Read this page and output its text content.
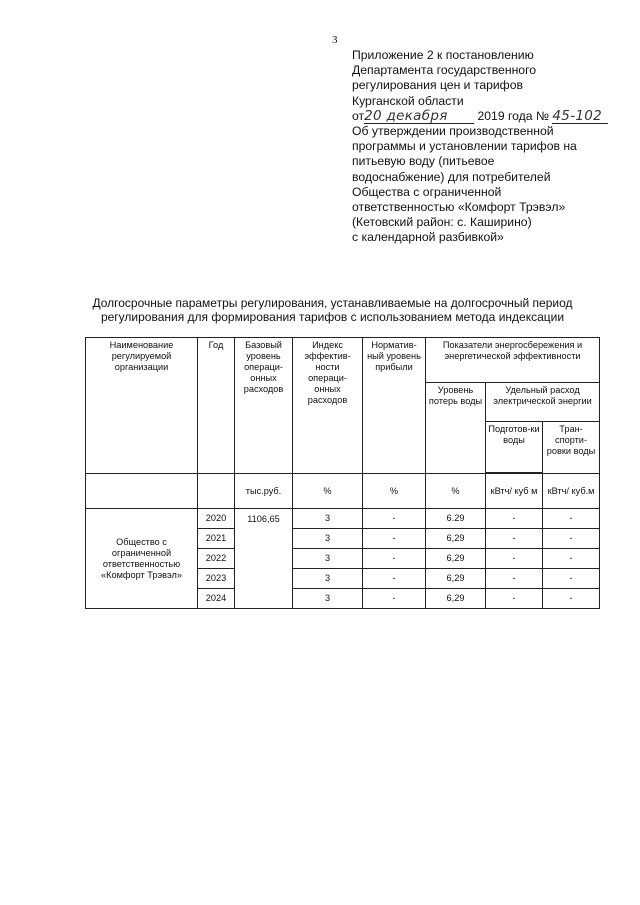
3
Приложение 2 к постановлению
Департамента государственного
регулирования цен и тарифов
Курганской области
от20 декабря 2019 года № 45-102
Об утверждении производственной
программы и установлении тарифов на
питьевую воду (питьевое
водоснабжение) для потребителей
Общества с ограниченной
ответственностью «Комфорт Трэвэл»
(Кетовский район: с. Каширино)
с календарной разбивкой»
Долгосрочные параметры регулирования, устанавливаемые на долгосрочный период
регулирования для формирования тарифов с использованием метода индексации
Наименование регулируемой организации	Год	Базовый уровень операци-онных расходов	Индекс эффектив-ности операци-онных расходов	Норматив-ный уровень прибыли	Показатели энергосбережения и энергетической эффективности		
					Уровень потерь воды	Удельный расход электрической энергии	
						Подготов-ки воды	Тран-спорти-ровки воды

		тыс.руб.	%	%	%	кВтч/ куб м	кВтч/ куб.м
Общество с ограниченной ответственностью «Комфорт Трэвэл»	2020	1106,65	3	-	6.29	-	-
	2021		3	-	6,29	-	-
	2022		3	-	6,29	-	-
	2023		3	-	6,29	-	-
	2024		3	-	6,29	-	-
